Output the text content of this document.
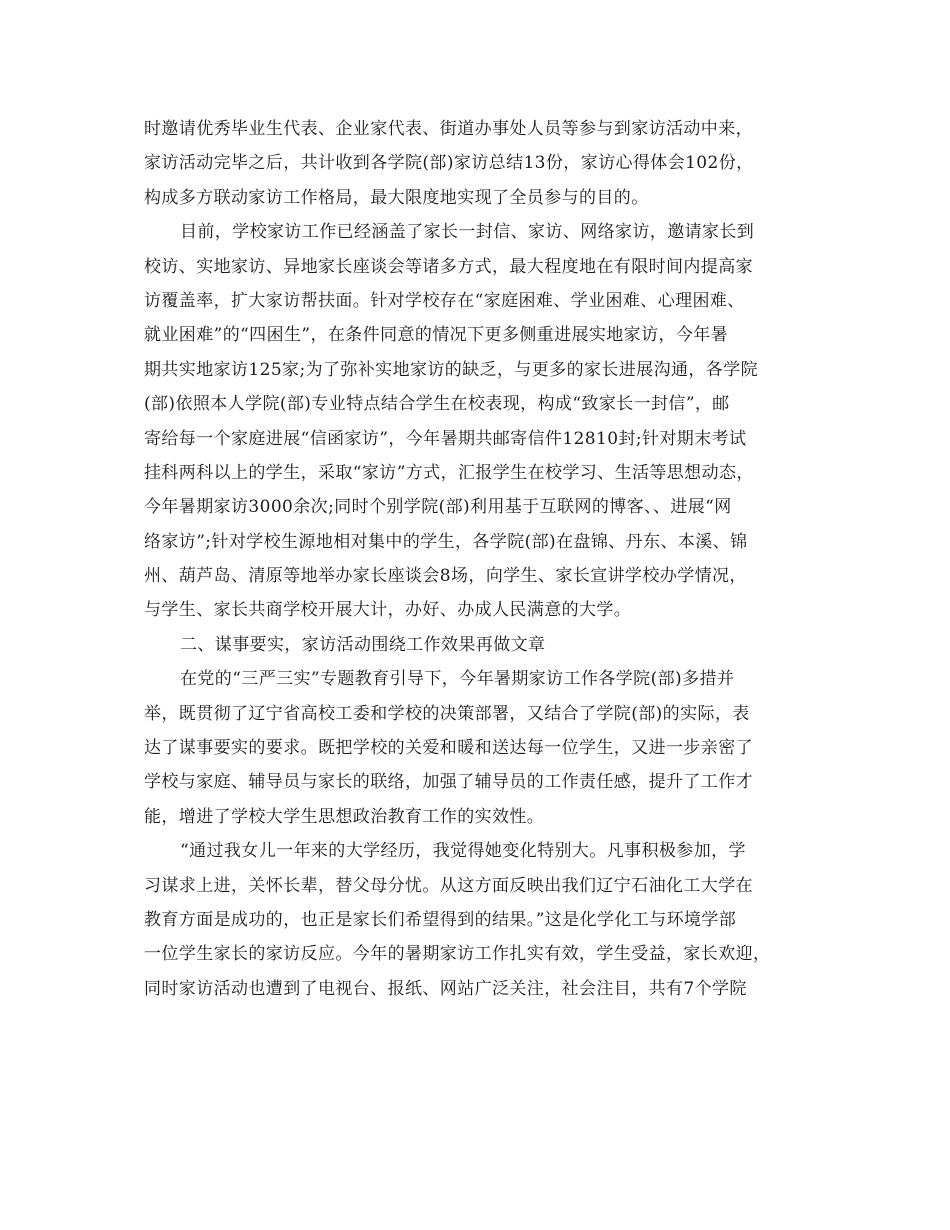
时邀请优秀毕业生代表、企业家代表、街道办事处人员等参与到家访活动中来，
家访活动完毕之后，共计收到各学院(部)家访总结13份，家访心得体会102份，
构成多方联动家访工作格局，最大限度地实现了全员参与的目的。
目前，学校家访工作已经涵盖了家长一封信、家访、网络家访，邀请家长到
校访、实地家访、异地家长座谈会等诸多方式，最大程度地在有限时间内提高家
访覆盖率，扩大家访帮扶面。针对学校存在“家庭困难、学业困难、心理困难、
就业困难”的“四困生”，在条件同意的情况下更多侧重进展实地家访，今年暑
期共实地家访125家;为了弥补实地家访的缺乏，与更多的家长进展沟通，各学院
(部)依照本人学院(部)专业特点结合学生在校表现，构成“致家长一封信”，邮
寄给每一个家庭进展“信函家访”，今年暑期共邮寄信件12810封;针对期末考试
挂科两科以上的学生，采取“家访”方式，汇报学生在校学习、生活等思想动态，
今年暑期家访3000余次;同时个别学院(部)利用基于互联网的博客、、进展“网
络家访”;针对学校生源地相对集中的学生，各学院(部)在盘锦、丹东、本溪、锦
州、葫芦岛、清原等地举办家长座谈会8场，向学生、家长宣讲学校办学情况，
与学生、家长共商学校开展大计，办好、办成人民满意的大学。
二、谋事要实，家访活动围绕工作效果再做文章
在党的“三严三实”专题教育引导下，今年暑期家访工作各学院(部)多措并
举，既贯彻了辽宁省高校工委和学校的决策部署，又结合了学院(部)的实际，表
达了谋事要实的要求。既把学校的关爱和暖和送达每一位学生，又进一步亲密了
学校与家庭、辅导员与家长的联络，加强了辅导员的工作责任感，提升了工作才
能，增进了学校大学生思想政治教育工作的实效性。
“通过我女儿一年来的大学经历，我觉得她变化特别大。凡事积极参加，学
习谋求上进，关怀长辈，替父母分忧。从这方面反映出我们辽宁石油化工大学在
教育方面是成功的，也正是家长们希望得到的结果。”这是化学化工与环境学部
一位学生家长的家访反应。今年的暑期家访工作扎实有效，学生受益，家长欢迎，
同时家访活动也遭到了电视台、报纸、网站广泛关注，社会注目，共有7个学院
